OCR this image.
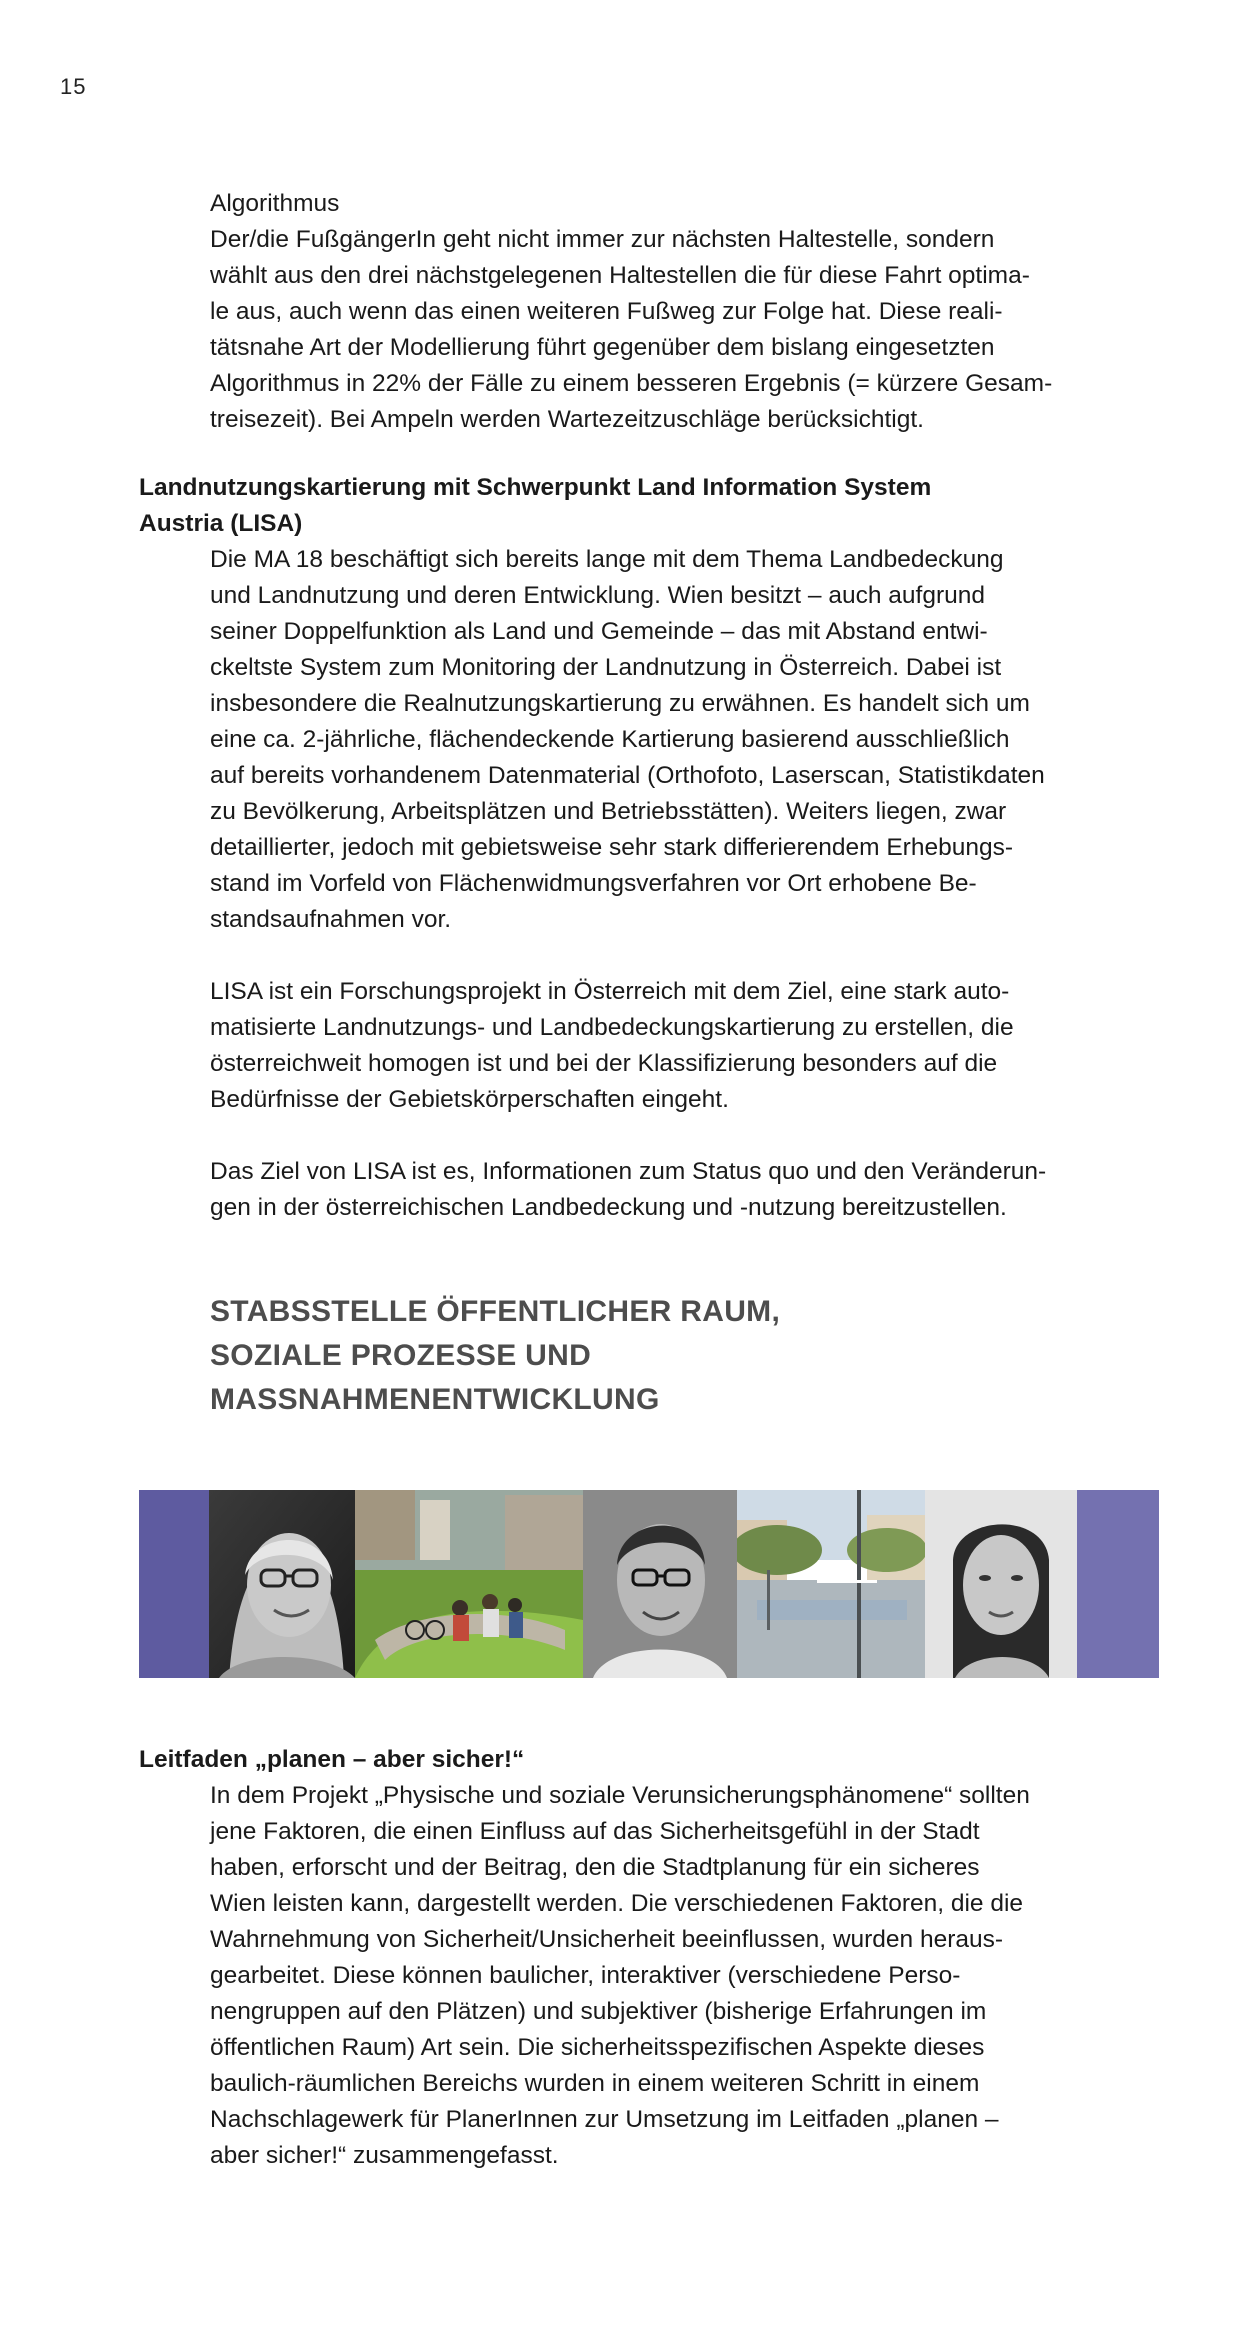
15

Algorithmus

Der/die FußgängerIn geht nicht immer zur nächsten Haltestelle, sondern

wählt aus den drei nächstgelegenen Haltestellen die für diese Fahrt optima-

le aus, auch wenn das einen weiteren Fußweg zur Folge hat. Diese reali-

tätsnahe Art der Modellierung führt gegenüber dem bislang eingesetzten

Algorithmus in 22% der Fälle zu einem besseren Ergebnis (= kürzere Gesam-

treisezeit). Bei Ampeln werden Wartezeitzuschläge berücksichtigt.

Landnutzungskartierung mit Schwerpunkt Land Information System

Austria (LISA)

Die MA 18 beschäftigt sich bereits lange mit dem Thema Landbedeckung

und Landnutzung und deren Entwicklung. Wien besitzt – auch aufgrund

seiner Doppelfunktion als Land und Gemeinde – das mit Abstand entwi-

ckeltste System zum Monitoring der Landnutzung in Österreich. Dabei ist

insbesondere die Realnutzungskartierung zu erwähnen. Es handelt sich um

eine ca. 2-jährliche, flächendeckende Kartierung basierend ausschließlich

auf bereits vorhandenem Datenmaterial (Orthofoto, Laserscan, Statistikdaten

zu Bevölkerung, Arbeitsplätzen und Betriebsstätten). Weiters liegen, zwar

detaillierter, jedoch mit gebietsweise sehr stark differierendem Erhebungs-

stand im Vorfeld von Flächenwidmungsverfahren vor Ort erhobene Be-

standsaufnahmen vor.

LISA ist ein Forschungsprojekt in Österreich mit dem Ziel, eine stark auto-

matisierte Landnutzungs- und Landbedeckungskartierung zu erstellen, die

österreichweit homogen ist und bei der Klassifizierung besonders auf die

Bedürfnisse der Gebietskörperschaften eingeht.

Das Ziel von LISA ist es, Informationen zum Status quo und den Veränderun-

gen in der österreichischen Landbedeckung und -nutzung bereitzustellen.

STABSSTELLE ÖFFENTLICHER RAUM,
SOZIALE PROZESSE UND
MASSNAHMENENTWICKLUNG
Leitfaden „planen – aber sicher!“

In dem Projekt „Physische und soziale Verunsicherungsphänomene“ sollten

jene Faktoren, die einen Einfluss auf das Sicherheitsgefühl in der Stadt

haben, erforscht und der Beitrag, den die Stadtplanung für ein sicheres

Wien leisten kann, dargestellt werden. Die verschiedenen Faktoren, die die

Wahrnehmung von Sicherheit/Unsicherheit beeinflussen, wurden heraus-

gearbeitet. Diese können baulicher, interaktiver (verschiedene Perso-

nengruppen auf den Plätzen) und subjektiver (bisherige Erfahrungen im

öffentlichen Raum) Art sein. Die sicherheitsspezifischen Aspekte dieses

baulich-räumlichen Bereichs wurden in einem weiteren Schritt in einem

Nachschlagewerk für PlanerInnen zur Umsetzung im Leitfaden „planen –

aber sicher!“ zusammengefasst.
